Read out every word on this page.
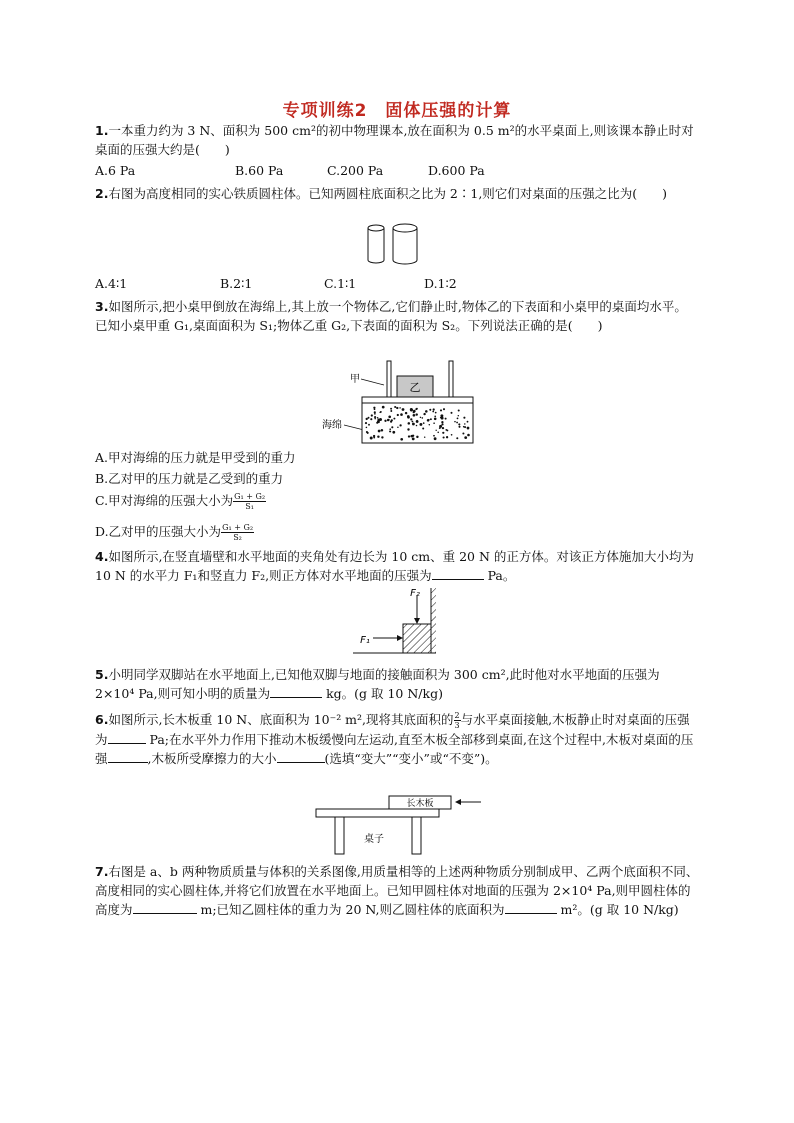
专项训练2　固体压强的计算
1.一本重力约为 3 N、面积为 500 cm²的初中物理课本,放在面积为 0.5 m²的水平桌面上,则该课本静止时对桌面的压强大约是(　　)
A.6 Pa	B.60 Pa	C.200 Pa	D.600 Pa
2.右图为高度相同的实心铁质圆柱体。已知两圆柱底面积之比为 2∶1,则它们对桌面的压强之比为(　　)
A.4∶1	B.2∶1	C.1∶1	D.1∶2
3.如图所示,把小桌甲倒放在海绵上,其上放一个物体乙,它们静止时,物体乙的下表面和小桌甲的桌面均水平。已知小桌甲重 G₁,桌面面积为 S₁;物体乙重 G₂,下表面的面积为 S₂。下列说法正确的是(　　)
甲
海绵
乙
A.甲对海绵的压力就是甲受到的重力
B.乙对甲的压力就是乙受到的重力
C.甲对海绵的压强大小为 $\frac{\text{G₁ + G₂}}{\text{S₁}}$
D.乙对甲的压强大小为 $\frac{\text{G₁ + G₂}}{\text{S₂}}$
4.如图所示,在竖直墙壁和水平地面的夹角处有边长为 10 cm、重 20 N 的正方体。对该正方体施加大小均为 10 N 的水平力 F₁和竖直力 F₂,则正方体对水平地面的压强为	Pa。
F₁
F₂
5.小明同学双脚站在水平地面上,已知他双脚与地面的接触面积为 300 cm²,此时他对水平地面的压强为 2×10⁴ Pa,则可知小明的质量为	kg。(g 取 10 N/kg)
6.如图所示,长木板重 10 N、底面积为 10⁻² m²,现将其底面积的 $\frac{2}{3}$ 与水平桌面接触,木板静止时对桌面的压强为	Pa;在水平外力作用下推动木板缓慢向左运动,直至木板全部移到桌面,在这个过程中,木板对桌面的压强	,木板所受摩擦力的大小	(选填“变大”“变小”或“不变”)。
长木板
桌子
7.右图是 a、b 两种物质质量与体积的关系图像,用质量相等的上述两种物质分别制成甲、乙两个底面积不同、高度相同的实心圆柱体,并将它们放置在水平地面上。已知甲圆柱体对地面的压强为 2×10⁴ Pa,则甲圆柱体的高度为	m;已知乙圆柱体的重力为 20 N,则乙圆柱体的底面积为	m²。(g 取 10 N/kg)
